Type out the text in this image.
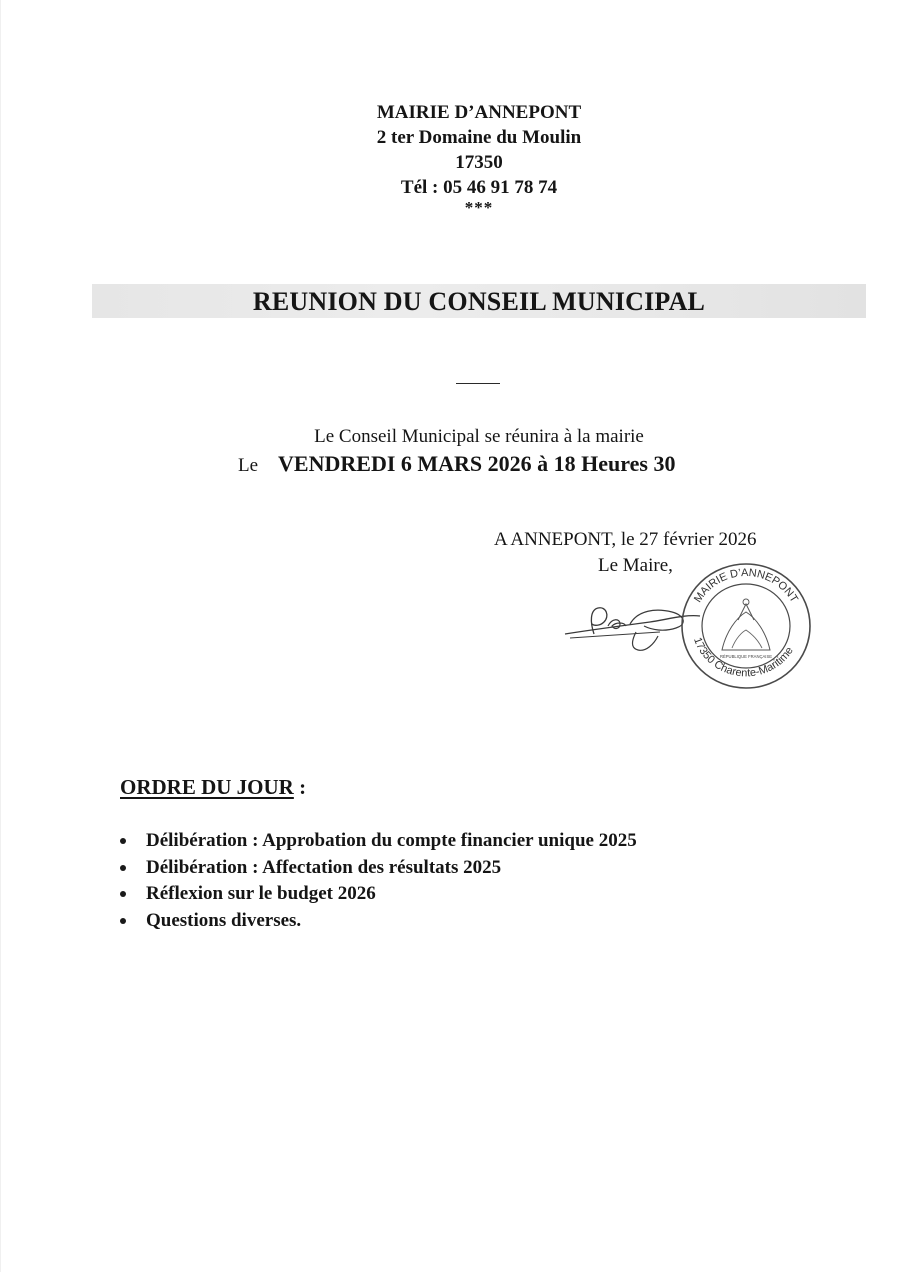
MAIRIE D’ANNEPONT
2 ter Domaine du Moulin
17350
Tél : 05 46 91 78 74
***
REUNION DU CONSEIL MUNICIPAL
Le Conseil Municipal se réunira à la mairie
Le VENDREDI 6 MARS 2026 à 18 Heures 30
A ANNEPONT, le 27 février 2026
Le Maire,
MAIRIE D’ANNEPONT
17350 Charente-Maritime
RÉPUBLIQUE FRANÇAISE
ORDRE DU JOUR :
Délibération : Approbation du compte financier unique 2025
Délibération : Affectation des résultats 2025
Réflexion sur le budget 2026
Questions diverses.
